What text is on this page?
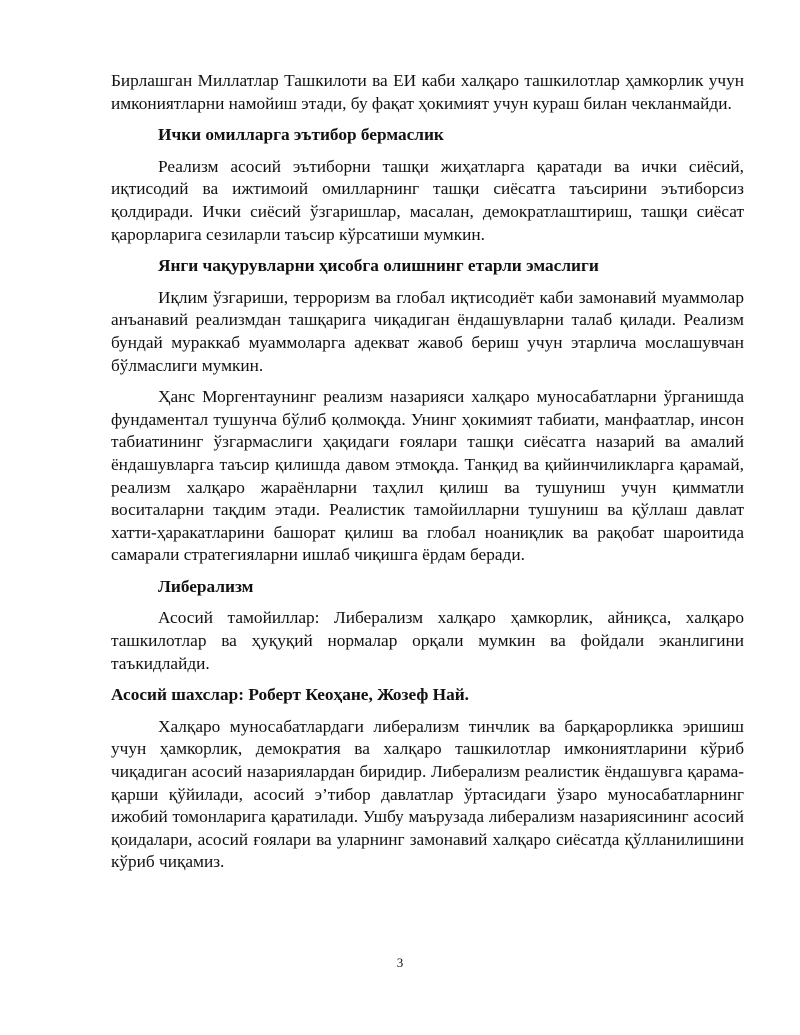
Бирлашган Миллатлар Ташкилоти ва ЕИ каби халқаро ташкилотлар ҳамкорлик учун имкониятларни намойиш этади, бу фақат ҳокимият учун кураш билан чекланмайди.

Ички омилларга эътибор бермаслик

Реализм асосий эътиборни ташқи жиҳатларга қаратади ва ички сиёсий, иқтисодий ва ижтимоий омилларнинг ташқи сиёсатга таъсирини эътиборсиз қолдиради. Ички сиёсий ўзгаришлар, масалан, демократлаштириш, ташқи сиёсат қарорларига сезиларли таъсир кўрсатиши мумкин.

Янги чақурувларни ҳисобга олишнинг етарли эмаслиги

Иқлим ўзгариши, терроризм ва глобал иқтисодиёт каби замонавий муаммолар анъанавий реализмдан ташқарига чиқадиган ёндашувларни талаб қилади. Реализм бундай мураккаб муаммоларга адекват жавоб бериш учун этарлича мослашувчан бўлмаслиги мумкин.

Ҳанс Моргентаунинг реализм назарияси халқаро муносабатларни ўрганишда фундаментал тушунча бўлиб қолмоқда. Унинг ҳокимият табиати, манфаатлар, инсон табиатининг ўзгармаслиги ҳақидаги ғоялари ташқи сиёсатга назарий ва амалий ёндашувларга таъсир қилишда давом этмоқда. Танқид ва қийинчиликларга қарамай, реализм халқаро жараёнларни таҳлил қилиш ва тушуниш учун қимматли воситаларни тақдим этади. Реалистик тамойилларни тушуниш ва қўллаш давлат хатти-ҳаракатларини башорат қилиш ва глобал ноаниқлик ва рақобат шароитида самарали стратегияларни ишлаб чиқишга ёрдам беради.

Либерализм

Асосий тамойиллар: Либерализм халқаро ҳамкорлик, айниқса, халқаро ташкилотлар ва ҳуқуқий нормалар орқали мумкин ва фойдали эканлигини таъкидлайди.

Асосий шахслар: Роберт Кеоҳане, Жозеф Най.

Халқаро муносабатлардаги либерализм тинчлик ва барқарорликка эришиш учун ҳамкорлик, демократия ва халқаро ташкилотлар имкониятларини кўриб чиқадиган асосий назариялардан биридир. Либерализм реалистик ёндашувга қарама-қарши қўйилади, асосий э’тибор давлатлар ўртасидаги ўзаро муносабатларнинг ижобий томонларига қаратилади. Ушбу маърузада либерализм назариясининг асосий қоидалари, асосий ғоялари ва уларнинг замонавий халқаро сиёсатда қўлланилишини кўриб чиқамиз.

3
